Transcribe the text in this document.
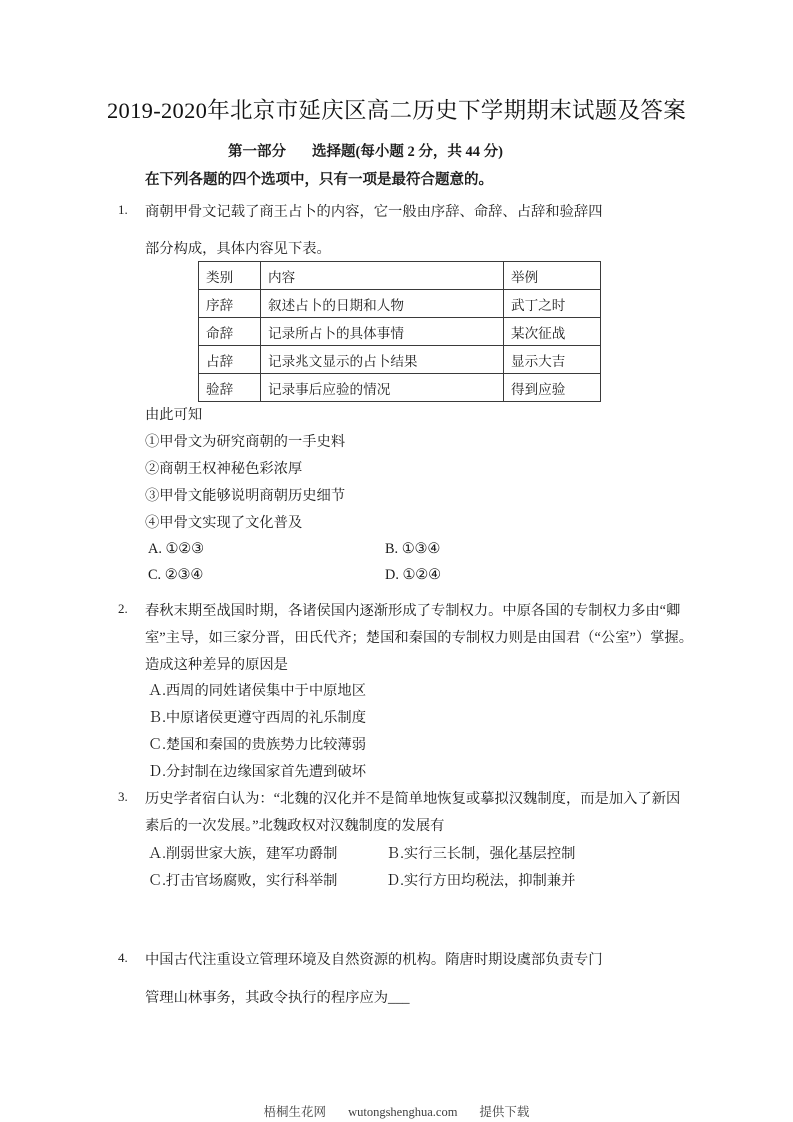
2019-2020年北京市延庆区高二历史下学期期末试题及答案
第一部分 选择题(每小题 2 分，共 44 分)
在下列各题的四个选项中，只有一项是最符合题意的。
1. 商朝甲骨文记载了商王占卜的内容，它一般由序辞、命辞、占辞和验辞四
部分构成，具体内容见下表。
类别	内容	举例
序辞	叙述占卜的日期和人物	武丁之时
命辞	记录所占卜的具体事情	某次征战
占辞	记录兆文显示的占卜结果	显示大吉
验辞	记录事后应验的情况	得到应验
由此可知
①甲骨文为研究商朝的一手史料
②商朝王权神秘色彩浓厚
③甲骨文能够说明商朝历史细节
④甲骨文实现了文化普及
A. ①②③	B. ①③④
C. ②③④	D. ①②④
2. 春秋末期至战国时期，各诸侯国内逐渐形成了专制权力。中原各国的专制权力多由“卿
室”主导，如三家分晋，田氏代齐；楚国和秦国的专制权力则是由国君（“公室”）掌握。
造成这种差异的原因是
Ａ.西周的同姓诸侯集中于中原地区
Ｂ.中原诸侯更遵守西周的礼乐制度
Ｃ.楚国和秦国的贵族势力比较薄弱
Ｄ.分封制在边缘国家首先遭到破坏
3. 历史学者宿白认为：“北魏的汉化并不是简单地恢复或摹拟汉魏制度，而是加入了新因
素后的一次发展。”北魏政权对汉魏制度的发展有
Ａ.削弱世家大族，建军功爵制	Ｂ.实行三长制，强化基层控制
Ｃ.打击官场腐败，实行科举制	Ｄ.实行方田均税法，抑制兼并
4. 中国古代注重设立管理环境及自然资源的机构。隋唐时期设虞部负责专门
管理山林事务，其政令执行的程序应为___
梧桐生花网 wutongshenghua.com 提供下载
